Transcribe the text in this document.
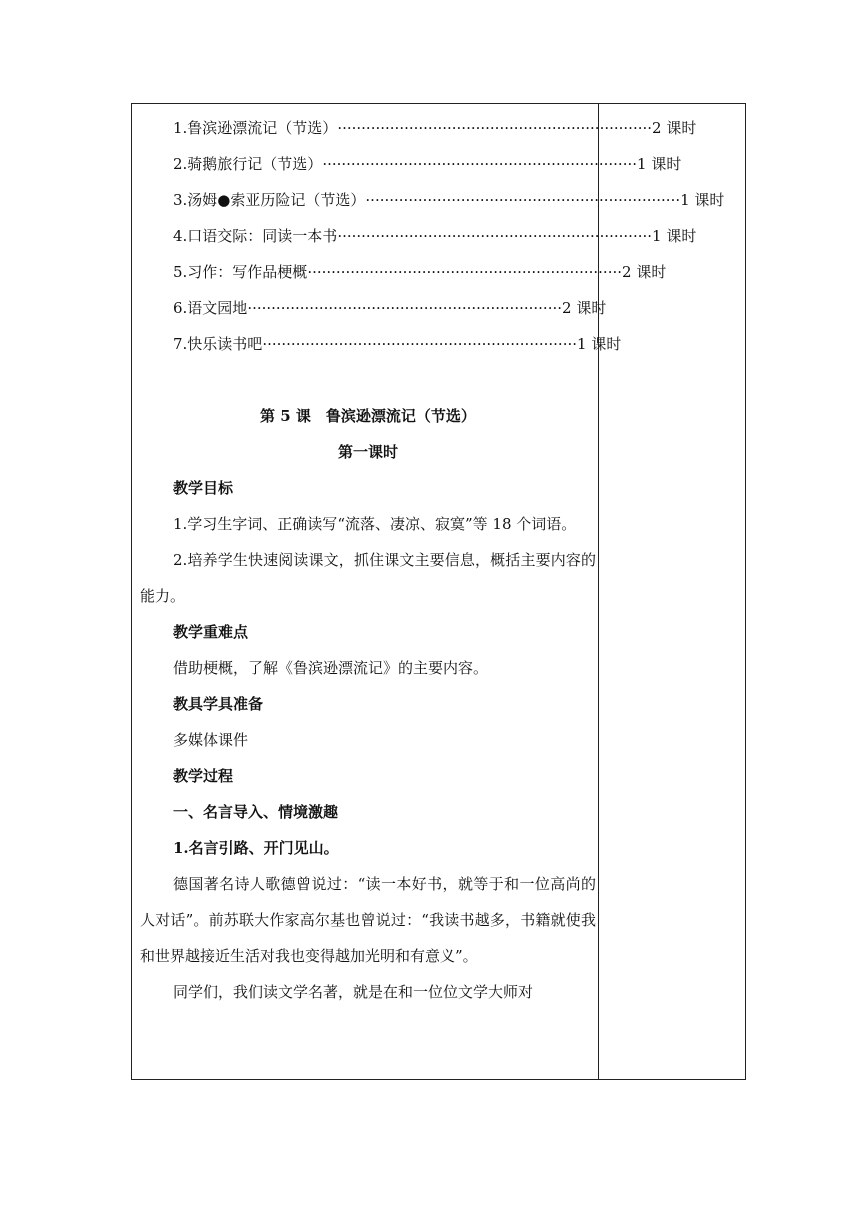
1.鲁滨逊漂流记（节选） ·································································· 2 课时
2.骑鹅旅行记（节选） ·································································· 1 课时
3.汤姆●索亚历险记（节选） ·································································· 1 课时
4.口语交际：同读一本书 ·································································· 1 课时
5.习作：写作品梗概 ·································································· 2 课时
6.语文园地 ·································································· 2 课时
7.快乐读书吧 ·································································· 1 课时
第 5 课　鲁滨逊漂流记（节选）
第一课时
教学目标
1.学习生字词、正确读写“流落、凄凉、寂寞”等 18 个词语。
2.培养学生快速阅读课文，抓住课文主要信息，概括主要内容的能力。
教学重难点
借助梗概，了解《鲁滨逊漂流记》的主要内容。
教具学具准备
多媒体课件
教学过程
一、名言导入、情境激趣
1.名言引路、开门见山。
德国著名诗人歌德曾说过：“读一本好书，就等于和一位高尚的人对话”。前苏联大作家高尔基也曾说过：“我读书越多，书籍就使我和世界越接近生活对我也变得越加光明和有意义”。
同学们，我们读文学名著，就是在和一位位文学大师对
